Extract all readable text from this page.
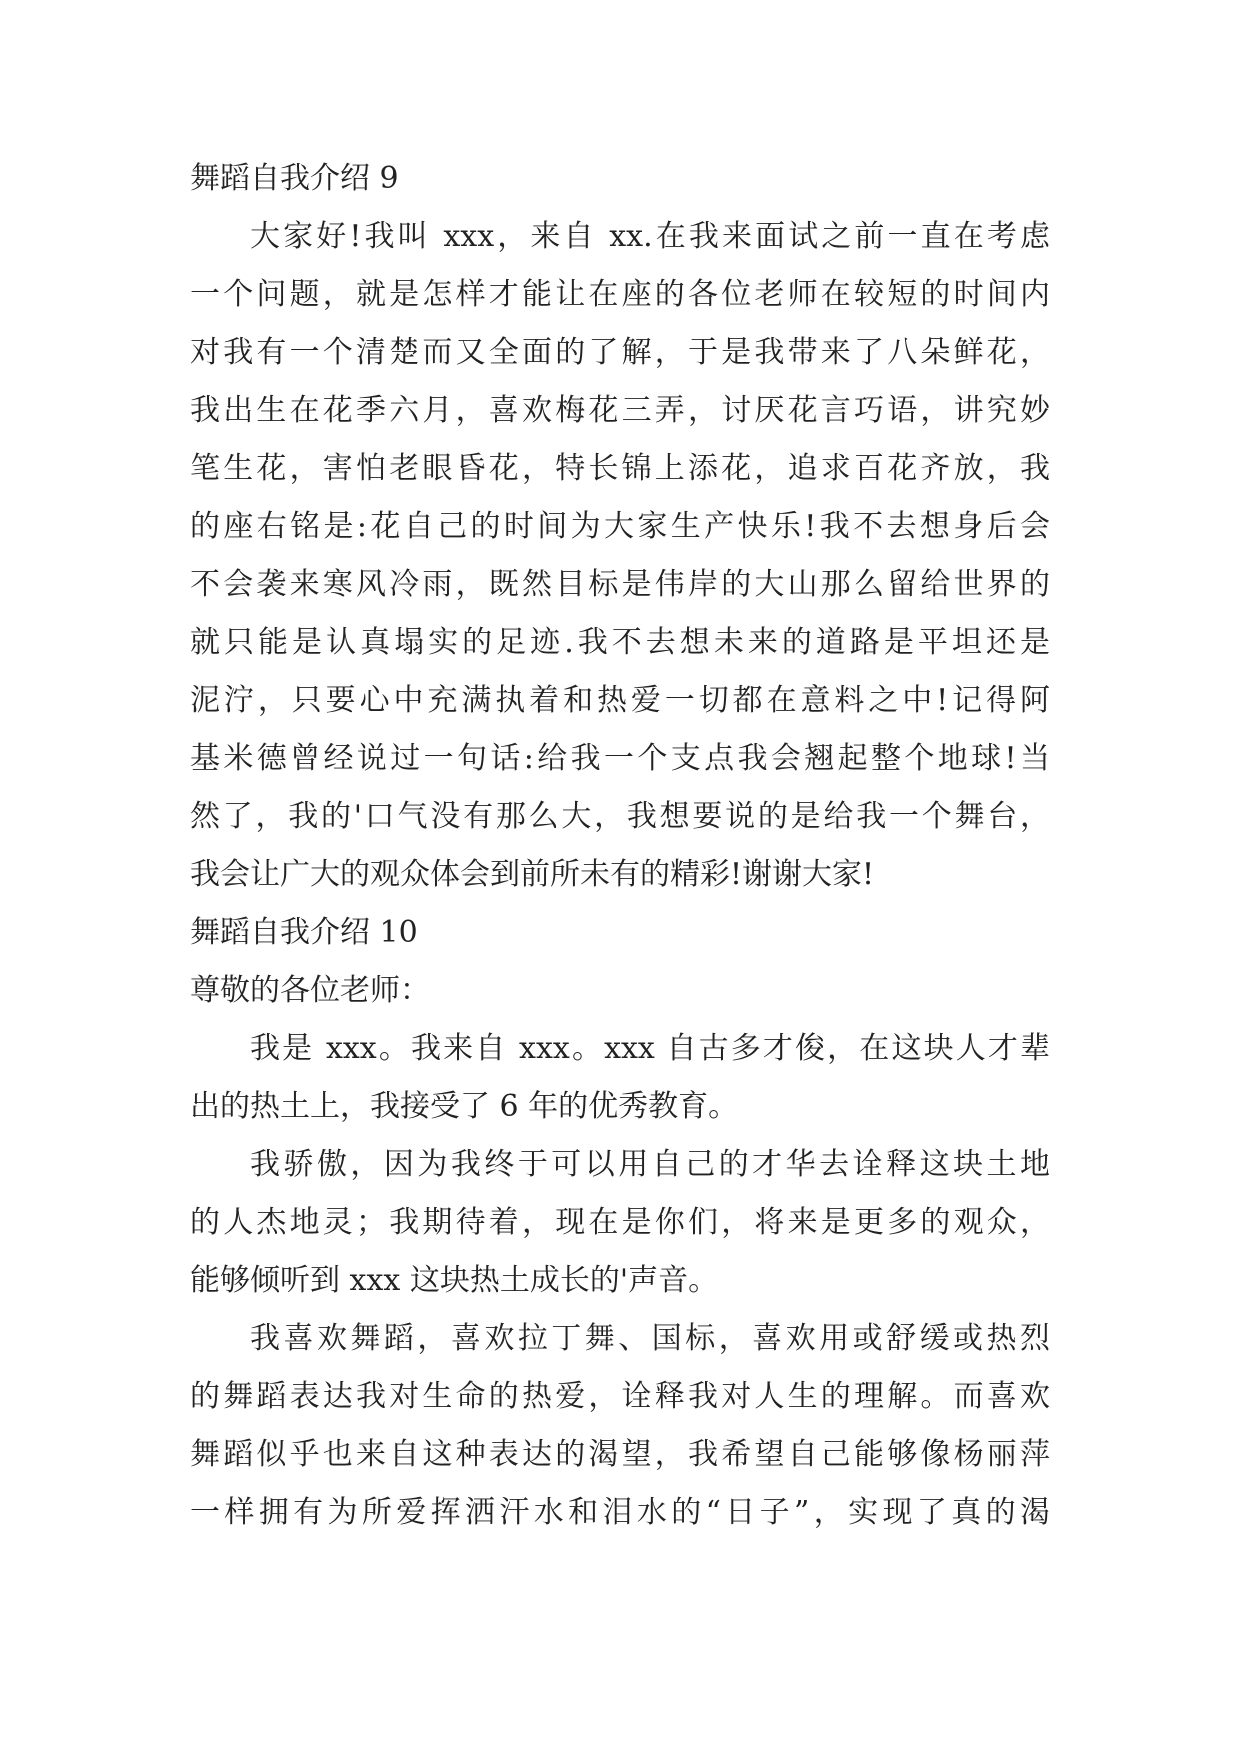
舞蹈自我介绍 9

大家好!我叫 xxx，来自 xx.在我来面试之前一直在考虑
一个问题，就是怎样才能让在座的各位老师在较短的时间内
对我有一个清楚而又全面的了解，于是我带来了八朵鲜花，
我出生在花季六月，喜欢梅花三弄，讨厌花言巧语，讲究妙
笔生花，害怕老眼昏花，特长锦上添花，追求百花齐放，我
的座右铭是:花自己的时间为大家生产快乐!我不去想身后会
不会袭来寒风冷雨，既然目标是伟岸的大山那么留给世界的
就只能是认真塌实的足迹.我不去想未来的道路是平坦还是
泥泞，只要心中充满执着和热爱一切都在意料之中!记得阿
基米德曾经说过一句话:给我一个支点我会翘起整个地球!当
然了，我的'口气没有那么大，我想要说的是给我一个舞台，
我会让广大的观众体会到前所未有的精彩!谢谢大家!

舞蹈自我介绍 10

尊敬的各位老师：

我是 xxx。我来自 xxx。xxx 自古多才俊，在这块人才辈
出的热土上，我接受了 6 年的优秀教育。

我骄傲，因为我终于可以用自己的才华去诠释这块土地
的人杰地灵；我期待着，现在是你们，将来是更多的观众，
能够倾听到 xxx 这块热土成长的'声音。

我喜欢舞蹈，喜欢拉丁舞、国标，喜欢用或舒缓或热烈
的舞蹈表达我对生命的热爱，诠释我对人生的理解。而喜欢
舞蹈似乎也来自这种表达的渴望，我希望自己能够像杨丽萍
一样拥有为所爱挥洒汗水和泪水的“日子”，实现了真的渴
